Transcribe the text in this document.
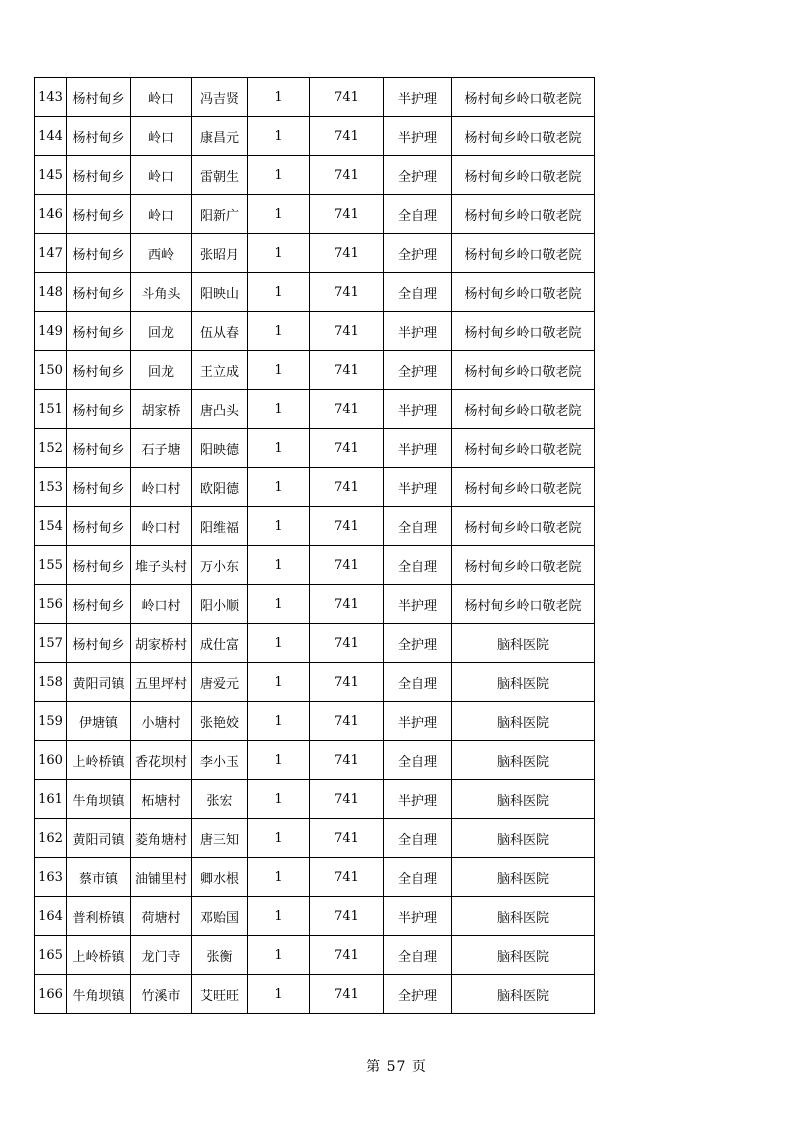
143	杨村甸乡	岭口	冯吉贤	1	741	半护理	杨村甸乡岭口敬老院
144	杨村甸乡	岭口	康昌元	1	741	半护理	杨村甸乡岭口敬老院
145	杨村甸乡	岭口	雷朝生	1	741	全护理	杨村甸乡岭口敬老院
146	杨村甸乡	岭口	阳新广	1	741	全自理	杨村甸乡岭口敬老院
147	杨村甸乡	西岭	张昭月	1	741	全护理	杨村甸乡岭口敬老院
148	杨村甸乡	斗角头	阳映山	1	741	全自理	杨村甸乡岭口敬老院
149	杨村甸乡	回龙	伍从春	1	741	半护理	杨村甸乡岭口敬老院
150	杨村甸乡	回龙	王立成	1	741	全护理	杨村甸乡岭口敬老院
151	杨村甸乡	胡家桥	唐凸头	1	741	半护理	杨村甸乡岭口敬老院
152	杨村甸乡	石子塘	阳映德	1	741	半护理	杨村甸乡岭口敬老院
153	杨村甸乡	岭口村	欧阳德	1	741	半护理	杨村甸乡岭口敬老院
154	杨村甸乡	岭口村	阳维福	1	741	全自理	杨村甸乡岭口敬老院
155	杨村甸乡	堆子头村	万小东	1	741	全自理	杨村甸乡岭口敬老院
156	杨村甸乡	岭口村	阳小顺	1	741	半护理	杨村甸乡岭口敬老院
157	杨村甸乡	胡家桥村	成仕富	1	741	全护理	脑科医院
158	黄阳司镇	五里坪村	唐爱元	1	741	全自理	脑科医院
159	伊塘镇	小塘村	张艳姣	1	741	半护理	脑科医院
160	上岭桥镇	香花坝村	李小玉	1	741	全自理	脑科医院
161	牛角坝镇	柘塘村	张宏	1	741	半护理	脑科医院
162	黄阳司镇	菱角塘村	唐三知	1	741	全自理	脑科医院
163	蔡市镇	油铺里村	卿水根	1	741	全自理	脑科医院
164	普利桥镇	荷塘村	邓贻国	1	741	半护理	脑科医院
165	上岭桥镇	龙门寺	张衡	1	741	全自理	脑科医院
166	牛角坝镇	竹溪市	艾旺旺	1	741	全护理	脑科医院
第 57 页
